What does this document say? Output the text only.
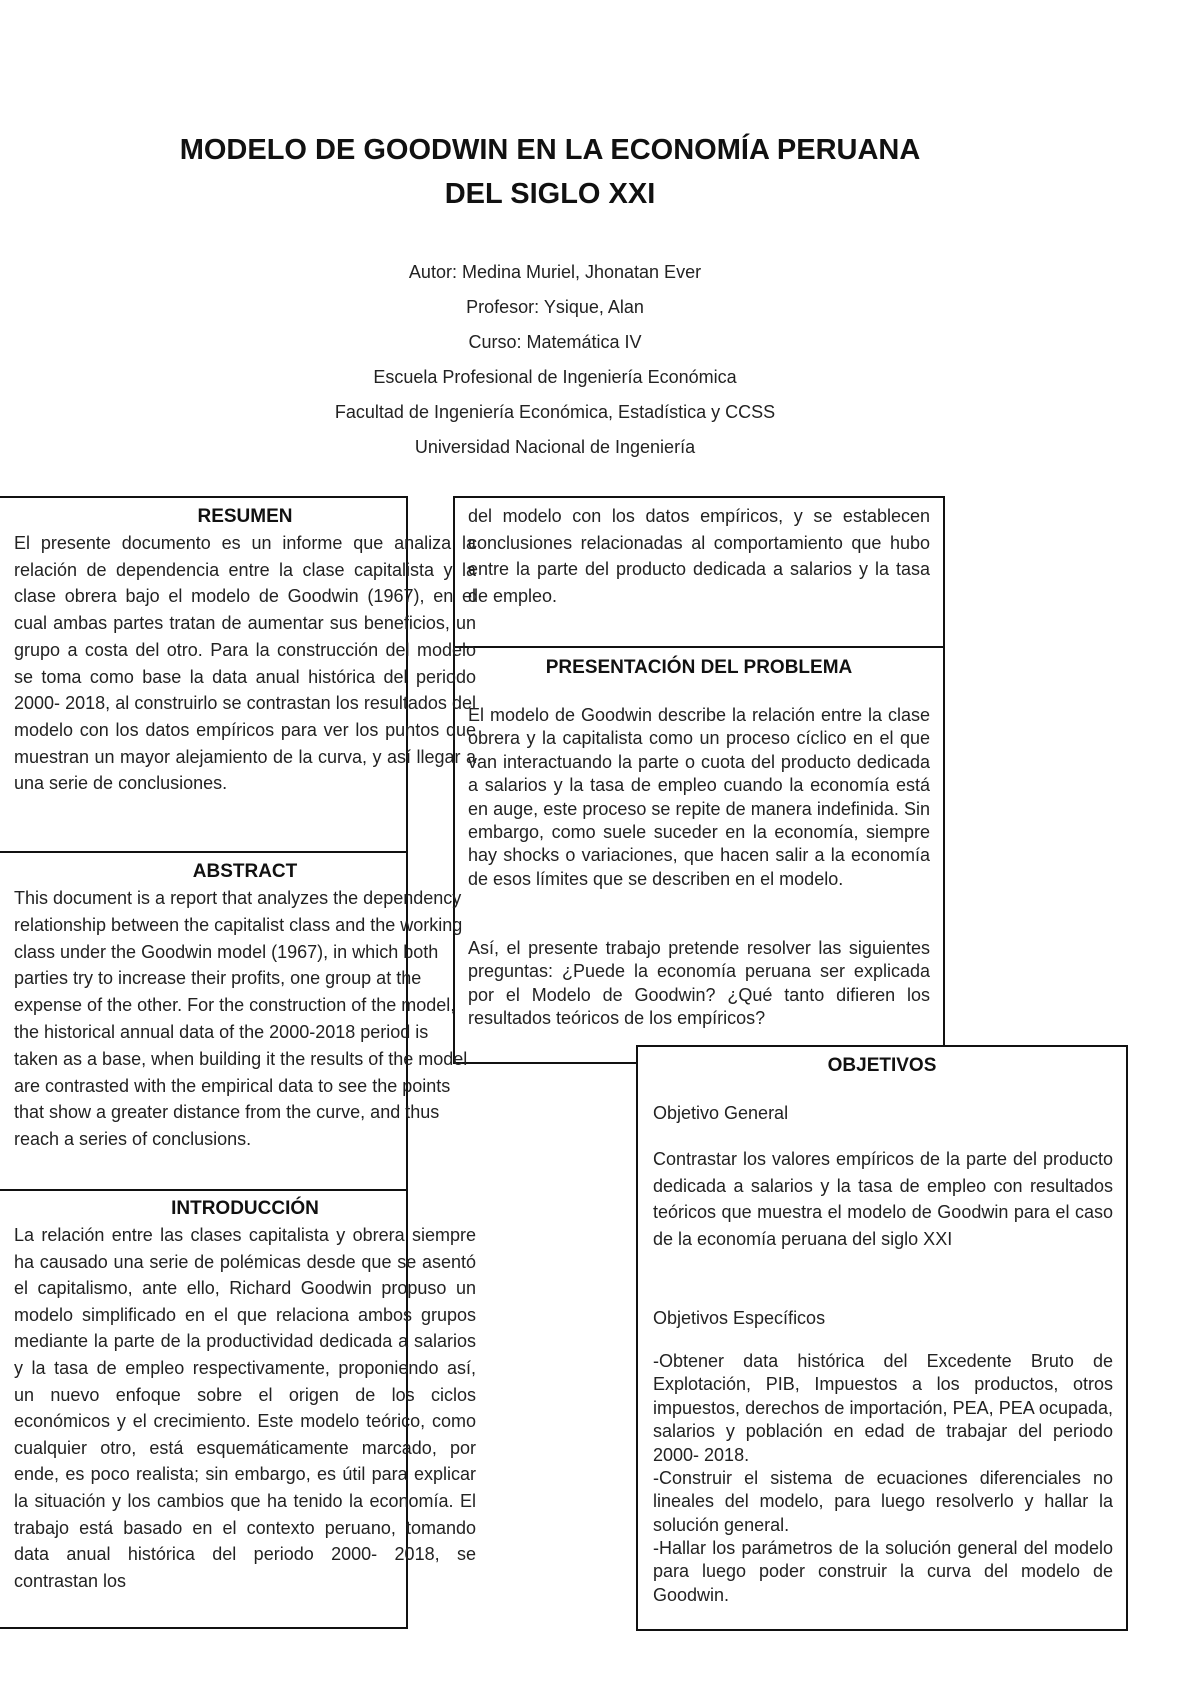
MODELO DE GOODWIN EN LA ECONOMÍA PERUANA
DEL SIGLO XXI
Autor: Medina Muriel, Jhonatan Ever
Profesor: Ysique, Alan
Curso: Matemática IV
Escuela Profesional de Ingeniería Económica
Facultad de Ingeniería Económica, Estadística y CCSS
Universidad Nacional de Ingeniería
RESUMEN

El presente documento es un informe que analiza la relación de dependencia entre la clase capitalista y la clase obrera bajo el modelo de Goodwin (1967), en el cual ambas partes tratan de aumentar sus beneficios, un grupo a costa del otro. Para la construcción del modelo se toma como base la data anual histórica del periodo 2000- 2018, al construirlo se contrastan los resultados del modelo con los datos empíricos para ver los puntos que muestran un mayor alejamiento de la curva, y así llegar a una serie de conclusiones.

ABSTRACT

This document is a report that analyzes the dependency relationship between the capitalist class and the working class under the Goodwin model (1967), in which both parties try to increase their profits, one group at the expense of the other. For the construction of the model, the historical annual data of the 2000-2018 period is taken as a base, when building it the results of the model are contrasted with the empirical data to see the points that show a greater distance from the curve, and thus reach a series of conclusions.

INTRODUCCIÓN

La relación entre las clases capitalista y obrera siempre ha causado una serie de polémicas desde que se asentó el capitalismo, ante ello, Richard Goodwin propuso un modelo simplificado en el que relaciona ambos grupos mediante la parte de la productividad dedicada a salarios y la tasa de empleo respectivamente, proponiendo así, un nuevo enfoque sobre el origen de los ciclos económicos y el crecimiento. Este modelo teórico, como cualquier otro, está esquemáticamente marcado, por ende, es poco realista; sin embargo, es útil para explicar la situación y los cambios que ha tenido la economía. El trabajo está basado en el contexto peruano, tomando data anual histórica del periodo 2000- 2018, se contrastan los

del modelo con los datos empíricos, y se establecen conclusiones relacionadas al comportamiento que hubo entre la parte del producto dedicada a salarios y la tasa de empleo.

PRESENTACIÓN DEL PROBLEMA

El modelo de Goodwin describe la relación entre la clase obrera y la capitalista como un proceso cíclico en el que van interactuando la parte o cuota del producto dedicada a salarios y la tasa de empleo cuando la economía está en auge, este proceso se repite de manera indefinida. Sin embargo, como suele suceder en la economía, siempre hay shocks o variaciones, que hacen salir a la economía de esos límites que se describen en el modelo.

Así, el presente trabajo pretende resolver las siguientes preguntas: ¿Puede la economía peruana ser explicada por el Modelo de Goodwin? ¿Qué tanto difieren los resultados teóricos de los empíricos?

OBJETIVOS

Objetivo General

Contrastar los valores empíricos de la parte del producto dedicada a salarios y la tasa de empleo con resultados teóricos que muestra el modelo de Goodwin para el caso de la economía peruana del siglo XXI

Objetivos Específicos

-Obtener data histórica del Excedente Bruto de Explotación, PIB, Impuestos a los productos, otros impuestos, derechos de importación, PEA, PEA ocupada, salarios y población en edad de trabajar del periodo 2000- 2018.

-Construir el sistema de ecuaciones diferenciales no lineales del modelo, para luego resolverlo y hallar la solución general.

-Hallar los parámetros de la solución general del modelo para luego poder construir la curva del modelo de Goodwin.
